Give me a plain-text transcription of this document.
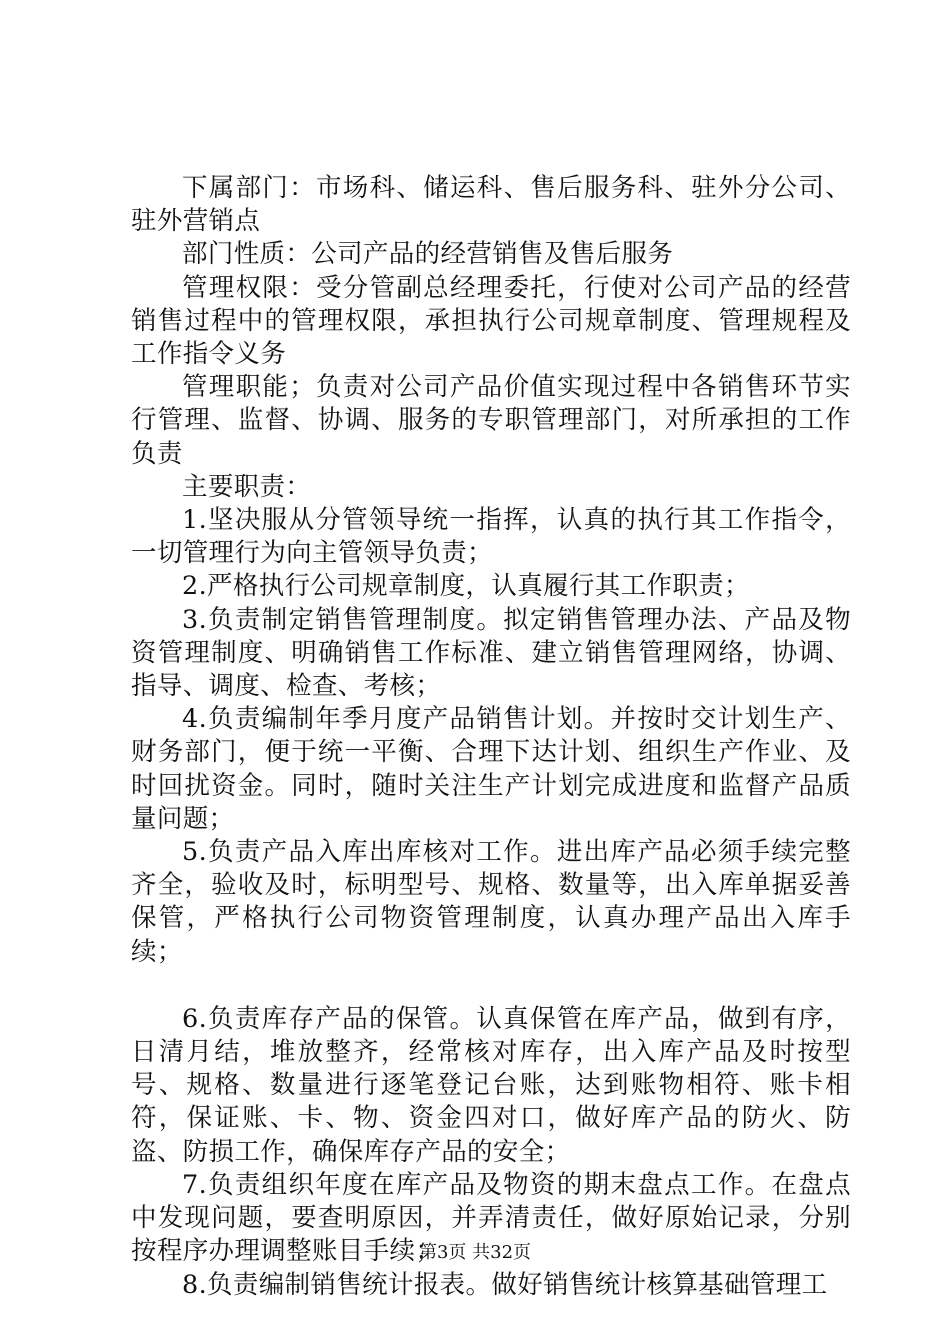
下属部门：市场科、储运科、售后服务科、驻外分公司、驻外营销点

部门性质：公司产品的经营销售及售后服务

管理权限：受分管副总经理委托，行使对公司产品的经营销售过程中的管理权限，承担执行公司规章制度、管理规程及工作指令义务

管理职能；负责对公司产品价值实现过程中各销售环节实行管理、监督、协调、服务的专职管理部门，对所承担的工作负责

主要职责：

1.坚决服从分管领导统一指挥，认真的执行其工作指令，一切管理行为向主管领导负责；

2.严格执行公司规章制度，认真履行其工作职责；

3.负责制定销售管理制度。拟定销售管理办法、产品及物资管理制度、明确销售工作标准、建立销售管理网络，协调、指导、调度、检查、考核；

4.负责编制年季月度产品销售计划。并按时交计划生产、财务部门，便于统一平衡、合理下达计划、组织生产作业、及时回扰资金。同时，随时关注生产计划完成进度和监督产品质量问题；

5.负责产品入库出库核对工作。进出库产品必须手续完整齐全，验收及时，标明型号、规格、数量等，出入库单据妥善保管，严格执行公司物资管理制度，认真办理产品出入库手续；

6.负责库存产品的保管。认真保管在库产品，做到有序，日清月结，堆放整齐，经常核对库存，出入库产品及时按型号、规格、数量进行逐笔登记台账，达到账物相符、账卡相符，保证账、卡、物、资金四对口，做好库产品的防火、防盗、防损工作，确保库存产品的安全；

7.负责组织年度在库产品及物资的期末盘点工作。在盘点中发现问题，要查明原因，并弄清责任，做好原始记录，分别按程序办理调整账目手续；

8.负责编制销售统计报表。做好销售统计核算基础管理工

第3页 共32页
